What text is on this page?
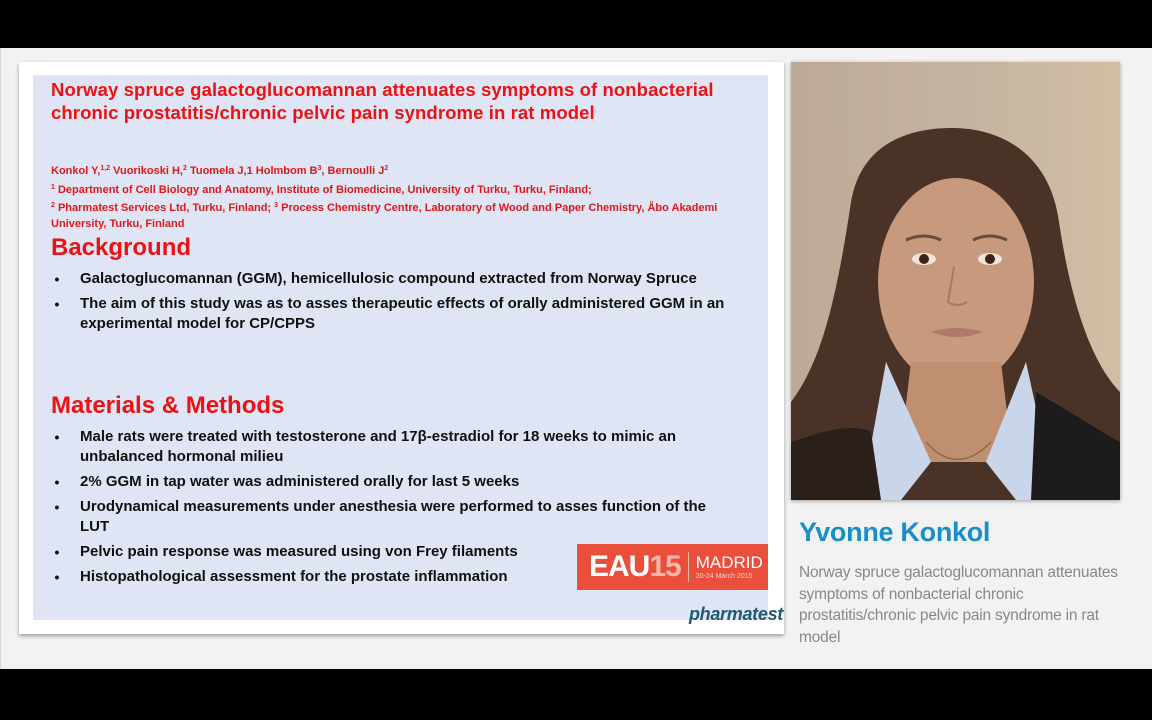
Norway spruce galactoglucomannan attenuates symptoms of nonbacterial chronic prostatitis/chronic pelvic pain syndrome in rat model
Konkol Y,$^{1,2}$ Vuorikoski H,$^2$ Tuomela J,1 Holmbom $B^3$, Bernoulli $J^2$
$^1$ Department of Cell Biology and Anatomy, Institute of Biomedicine, University of Turku, Turku, Finland;
$^2$ Pharmatest Services Ltd, Turku, Finland; $^3$ Process Chemistry Centre, Laboratory of Wood and Paper Chemistry, Åbo Akademi University, Turku, Finland
Background
• Galactoglucomannan (GGM), hemicellulosic compound extracted from Norway Spruce
• The aim of this study was as to asses therapeutic effects of orally administered GGM in an experimental model for CP/CPPS
Materials & Methods
• Male rats were treated with testosterone and 17β-estradiol for 18 weeks to mimic an unbalanced hormonal milieu
• 2% GGM in tap water was administered orally for last 5 weeks
• Urodynamical measurements under anesthesia were performed to asses function of the LUT
• Pelvic pain response was measured using von Frey filaments
• Histopathological assessment for the prostate inflammation	EAU 15 MADRID
20-24 March 2015
pharmatest
Yvonne Konkol
Norway spruce galactoglucomannan attenuates symptoms of nonbacterial chronic prostatitis/chronic pelvic pain syndrome in rat model
